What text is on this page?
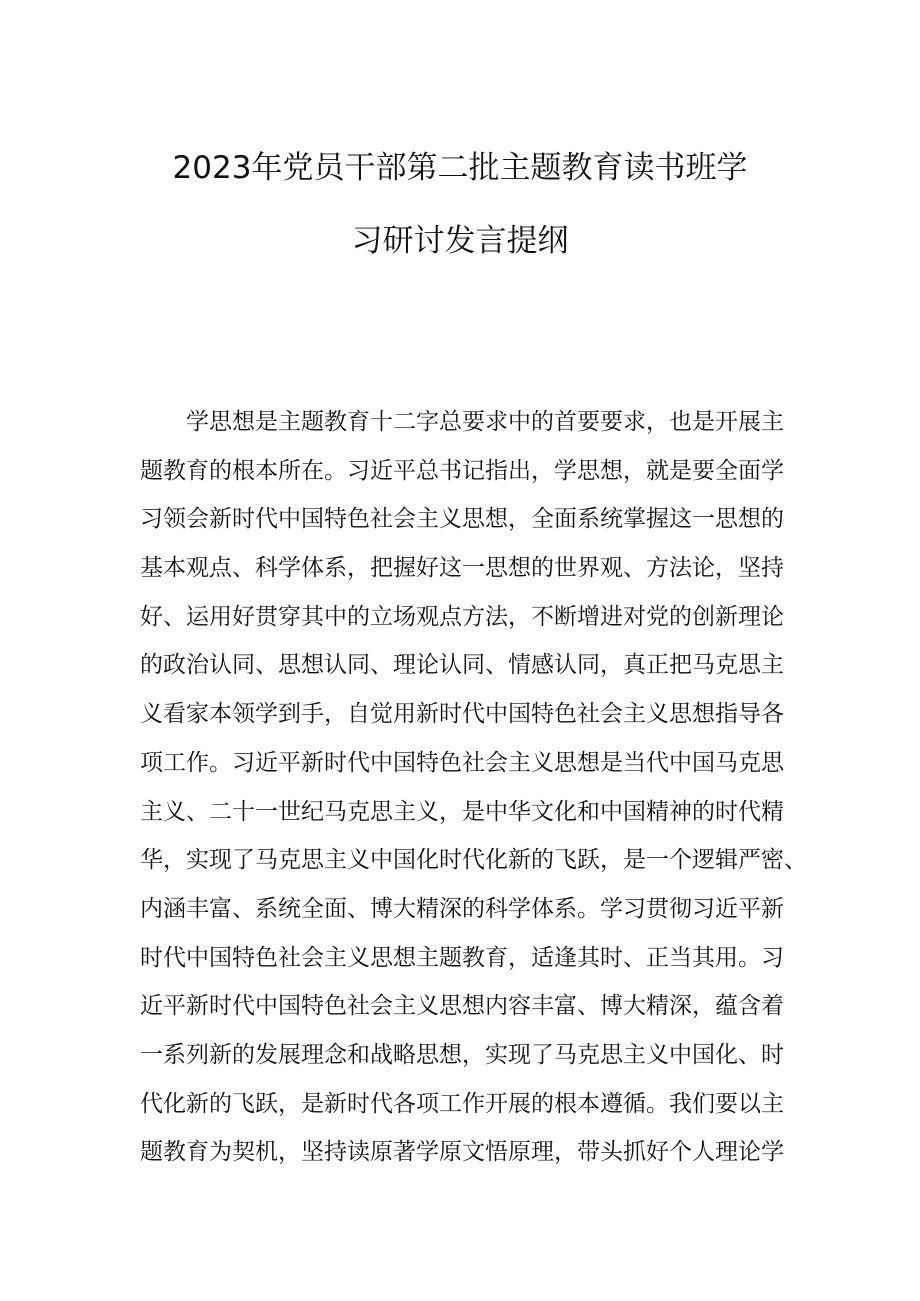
2023年党员干部第二批主题教育读书班学
习研讨发言提纲
学思想是主题教育十二字总要求中的首要要求，也是开展主
题教育的根本所在。习近平总书记指出，学思想，就是要全面学
习领会新时代中国特色社会主义思想，全面系统掌握这一思想的
基本观点、科学体系，把握好这一思想的世界观、方法论，坚持
好、运用好贯穿其中的立场观点方法，不断增进对党的创新理论
的政治认同、思想认同、理论认同、情感认同，真正把马克思主
义看家本领学到手，自觉用新时代中国特色社会主义思想指导各
项工作。习近平新时代中国特色社会主义思想是当代中国马克思
主义、二十一世纪马克思主义，是中华文化和中国精神的时代精
华，实现了马克思主义中国化时代化新的飞跃，是一个逻辑严密、
内涵丰富、系统全面、博大精深的科学体系。学习贯彻习近平新
时代中国特色社会主义思想主题教育，适逢其时、正当其用。习
近平新时代中国特色社会主义思想内容丰富、博大精深，蕴含着
一系列新的发展理念和战略思想，实现了马克思主义中国化、时
代化新的飞跃，是新时代各项工作开展的根本遵循。我们要以主
题教育为契机，坚持读原著学原文悟原理，带头抓好个人理论学
